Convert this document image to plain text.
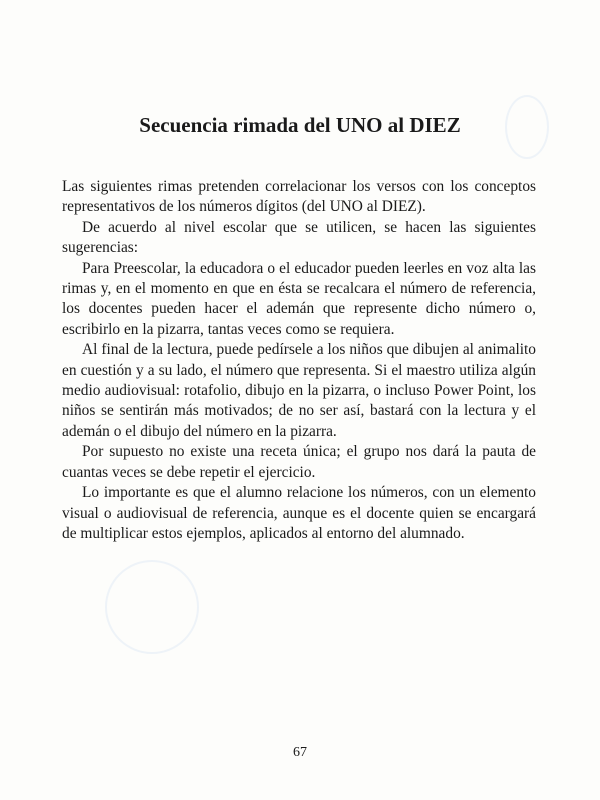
Secuencia rimada del UNO al DIEZ

Las siguientes rimas pretenden correlacionar los versos con los conceptos representativos de los números dígitos (del UNO al DIEZ).

De acuerdo al nivel escolar que se utilicen, se hacen las siguientes sugerencias:

Para Preescolar, la educadora o el educador pueden leerles en voz alta las rimas y, en el momento en que en ésta se recalcara el número de referencia, los docentes pueden hacer el ademán que represente dicho número o, escribirlo en la pizarra, tantas veces como se requiera.

Al final de la lectura, puede pedírsele a los niños que dibujen al animalito en cuestión y a su lado, el número que representa. Si el maestro utiliza algún medio audiovisual: rotafolio, dibujo en la pizarra, o incluso Power Point, los niños se sentirán más motivados; de no ser así, bastará con la lectura y el ademán o el dibujo del número en la pizarra.

Por supuesto no existe una receta única; el grupo nos dará la pauta de cuantas veces se debe repetir el ejercicio.

Lo importante es que el alumno relacione los números, con un elemento visual o audiovisual de referencia, aunque es el docente quien se encargará de multiplicar estos ejemplos, aplicados al entorno del alumnado.

67
